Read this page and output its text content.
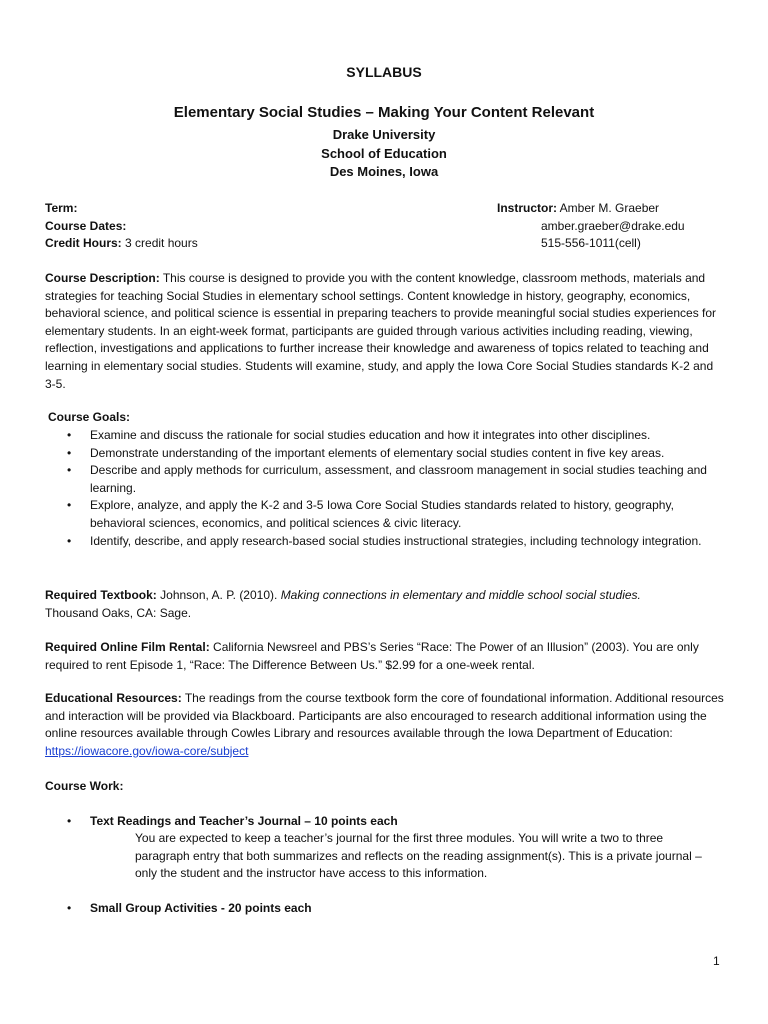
SYLLABUS
Elementary Social Studies – Making Your Content Relevant
Drake University
School of Education
Des Moines, Iowa
Term:
Course Dates:
Credit Hours: 3 credit hours
Instructor: Amber M. Graeber
amber.graeber@drake.edu
515-556-1011(cell)

Course Description: This course is designed to provide you with the content knowledge, classroom methods, materials and strategies for teaching Social Studies in elementary school settings. Content knowledge in history, geography, economics, behavioral science, and political science is essential in preparing teachers to provide meaningful social studies experiences for elementary students. In an eight-week format, participants are guided through various activities including reading, viewing, reflection, investigations and applications to further increase their knowledge and awareness of topics related to teaching and learning in elementary social studies. Students will examine, study, and apply the Iowa Core Social Studies standards K-2 and 3-5.

Course Goals:
• Examine and discuss the rationale for social studies education and how it integrates into other disciplines.
• Demonstrate understanding of the important elements of elementary social studies content in five key areas.
• Describe and apply methods for curriculum, assessment, and classroom management in social studies teaching and learning.
• Explore, analyze, and apply the K-2 and 3-5 Iowa Core Social Studies standards related to history, geography, behavioral sciences, economics, and political sciences & civic literacy.
• Identify, describe, and apply research-based social studies instructional strategies, including technology integration.

Required Textbook: Johnson, A. P. (2010). Making connections in elementary and middle school social studies.
Thousand Oaks, CA: Sage.

Required Online Film Rental: California Newsreel and PBS’s Series “Race: The Power of an Illusion” (2003). You are only required to rent Episode 1, “Race: The Difference Between Us.” $2.99 for a one-week rental.

Educational Resources: The readings from the course textbook form the core of foundational information. Additional resources and interaction will be provided via Blackboard. Participants are also encouraged to research additional information using the online resources available through Cowles Library and resources available through the Iowa Department of Education: https://iowacore.gov/iowa-core/subject

Course Work:
• Text Readings and Teacher’s Journal – 10 points each
You are expected to keep a teacher’s journal for the first three modules. You will write a two to three paragraph entry that both summarizes and reflects on the reading assignment(s). This is a private journal – only the student and the instructor have access to this information.
• Small Group Activities - 20 points each
1
